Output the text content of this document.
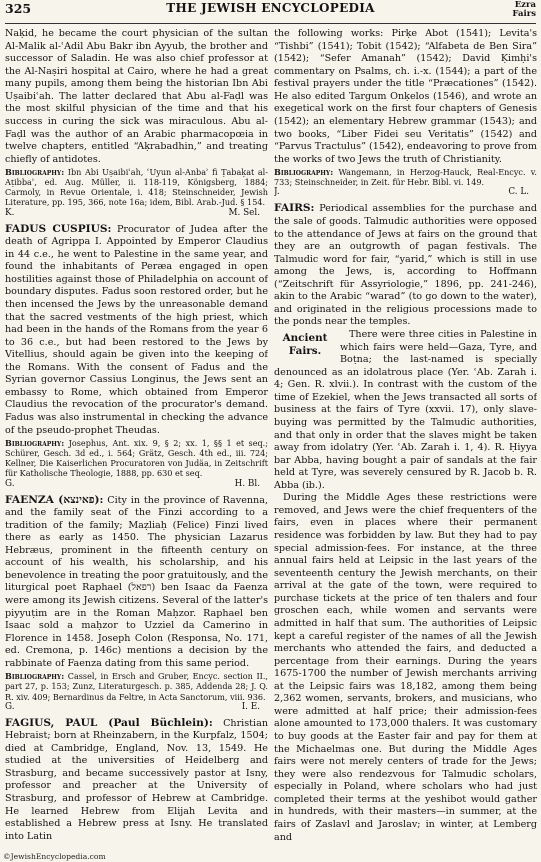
325	THE JEWISH ENCYCLOPEDIA	Ezra
Fairs

Naḳid, he became the court physician of the sultan Al-Malik al-ʿAdil Abu Bakr ibn Ayyub, the brother and successor of Saladin. He was also chief professor at the Al-Naṣiri hospital at Cairo, where he had a great many pupils, among them being the historian Ibn Abi Uṣaibiʿah. The latter declared that Abu al-Faḍl was the most skilful physician of the time and that his success in curing the sick was miraculous. Abu al-Faḍl was the author of an Arabic pharmacopœia in twelve chapters, entitled “Aḳrabadhin,” and treating chiefly of antidotes.

Bibliography: Ibn Abi Uṣaibiʿah, ʿUyun al-Anbaʾ fi Ṭabaḳat al-Aṭibbaʾ, ed. Aug. Müller, ii. 118-119, Königsberg, 1884; Carmoly, in Revue Orientale, i. 418; Steinschneider, Jewish Literature, pp. 195, 366, note 16a; idem, Bibl. Arab.-Jud. § 154.

K.	M. Sel.

FADUS CUSPIUS: Procurator of Judea after the death of Agrippa I. Appointed by Emperor Claudius in 44 c.e., he went to Palestine in the same year, and found the inhabitants of Peræa engaged in open hostilities against those of Philadelphia on account of boundary disputes. Fadus soon restored order, but he then incensed the Jews by the unreasonable demand that the sacred vestments of the high priest, which had been in the hands of the Romans from the year 6 to 36 c.e., but had been restored to the Jews by Vitellius, should again be given into the keeping of the Romans. With the consent of Fadus and the Syrian governor Cassius Longinus, the Jews sent an embassy to Rome, which obtained from Emperor Claudius the revocation of the procurator's demand. Fadus was also instrumental in checking the advance of the pseudo-prophet Theudas.

Bibliography: Josephus, Ant. xix. 9, § 2; xx. 1, §§ 1 et seq.; Schürer, Gesch. 3d ed., i. 564; Grätz, Gesch. 4th ed., iii. 724; Kellner, Die Kaiserlichen Procuratoren von Judäa, in Zeitschrift für Katholische Theologie, 1888, pp. 630 et seq.

G.	H. Bl.

FAENZA (פאינצא): City in the province of Ravenna, and the family seat of the Finzi according to a tradition of the family; Maẓliaḥ (Felice) Finzi lived there as early as 1450. The physician Lazarus Hebræus, prominent in the fifteenth century on account of his wealth, his scholarship, and his benevolence in treating the poor gratuitously, and the liturgical poet Raphael (רפאל) ben Isaac da Faenza were among its Jewish citizens. Several of the latter's piyyuṭim are in the Roman Maḥzor. Raphael ben Isaac sold a maḥzor to Uzziel da Camerino in Florence in 1458. Joseph Colon (Responsa, No. 171, ed. Cremona, p. 146c) mentions a decision by the rabbinate of Faenza dating from this same period.

Bibliography: Cassel, in Ersch and Gruber, Encyc. section II., part 27, p. 153; Zunz, Literaturgesch. p. 385, Addenda 28; J. Q. R. xiv. 409; Bernardinus da Feltre, in Acta Sanctorum, viii. 936.

G.	I. E.

FAGIUS, PAUL (Paul Büchlein): Christian Hebraist; born at Rheinzabern, in the Kurpfalz, 1504; died at Cambridge, England, Nov. 13, 1549. He studied at the universities of Heidelberg and Strasburg, and became successively pastor at Isny, professor and preacher at the University of Strasburg, and professor of Hebrew at Cambridge. He learned Hebrew from Elijah Levita and established a Hebrew press at Isny. He translated into Latin

the following works: Pirḳe Abot (1541); Levita's “Tishbi” (1541); Tobit (1542); “Alfabeta de Ben Sira” (1542); “Sefer Amanah” (1542); David Ḳimḥi's commentary on Psalms, ch. i.-x. (1544); a part of the festival prayers under the title “Præcationes” (1542). He also edited Targum Onḳelos (1546), and wrote an exegetical work on the first four chapters of Genesis (1542); an elementary Hebrew grammar (1543); and two books, “Liber Fidei seu Veritatis” (1542) and “Parvus Tractulus” (1542), endeavoring to prove from the works of two Jews the truth of Christianity.

Bibliography: Wangemann, in Herzog-Hauck, Real-Encyc. v. 733; Steinschneider, in Zeit. für Hebr. Bibl. vi. 149.

J.	C. L.

FAIRS: Periodical assemblies for the purchase and the sale of goods. Talmudic authorities were opposed to the attendance of Jews at fairs on the ground that they are an outgrowth of pagan festivals. The Talmudic word for fair, “yarid,” which is still in use among the Jews, is, according to Hoffmann (“Zeitschrift für Assyriologie,” 1896, pp. 241-246), akin to the Arabic “warad” (to go down to the water), and originated in the religious processions made to the ponds near the temples.

Ancient Fairs.

There were three cities in Palestine in which fairs were held—Gaza, Tyre, and Boṭna; the last-named is specially denounced as an idolatrous place (Yer. ʿAb. Zarah i. 4; Gen. R. xlvii.). In contrast with the custom of the time of Ezekiel, when the Jews transacted all sorts of business at the fairs of Tyre (xxvii. 17), only slave-buying was permitted by the Talmudic authorities, and that only in order that the slaves might be taken away from idolatry (Yer. ʿAb. Zarah i. 1, 4). R. Ḥiyya bar Abba, having bought a pair of sandals at the fair held at Tyre, was severely censured by R. Jacob b. R. Abba (ib.).

During the Middle Ages these restrictions were removed, and Jews were the chief frequenters of the fairs, even in places where their permanent residence was forbidden by law. But they had to pay special admission-fees. For instance, at the three annual fairs held at Leipsic in the last years of the seventeenth century the Jewish merchants, on their arrival at the gate of the town, were required to purchase tickets at the price of ten thalers and four groschen each, while women and servants were admitted in half that sum. The authorities of Leipsic kept a careful register of the names of all the Jewish merchants who attended the fairs, and deducted a percentage from their earnings. During the years 1675-1700 the number of Jewish merchants arriving at the Leipsic fairs was 18,182, among them being 2,362 women, servants, brokers, and musicians, who were admitted at half price; their admission-fees alone amounted to 173,000 thalers. It was customary to buy goods at the Easter fair and pay for them at the Michaelmas one. But during the Middle Ages fairs were not merely centers of trade for the Jews; they were also rendezvous for Talmudic scholars, especially in Poland, where scholars who had just completed their terms at the yeshibot would gather in hundreds, with their masters—in summer, at the fairs of Zaslavl and Jaroslav; in winter, at Lemberg and

©JewishEncyclopedia.com
